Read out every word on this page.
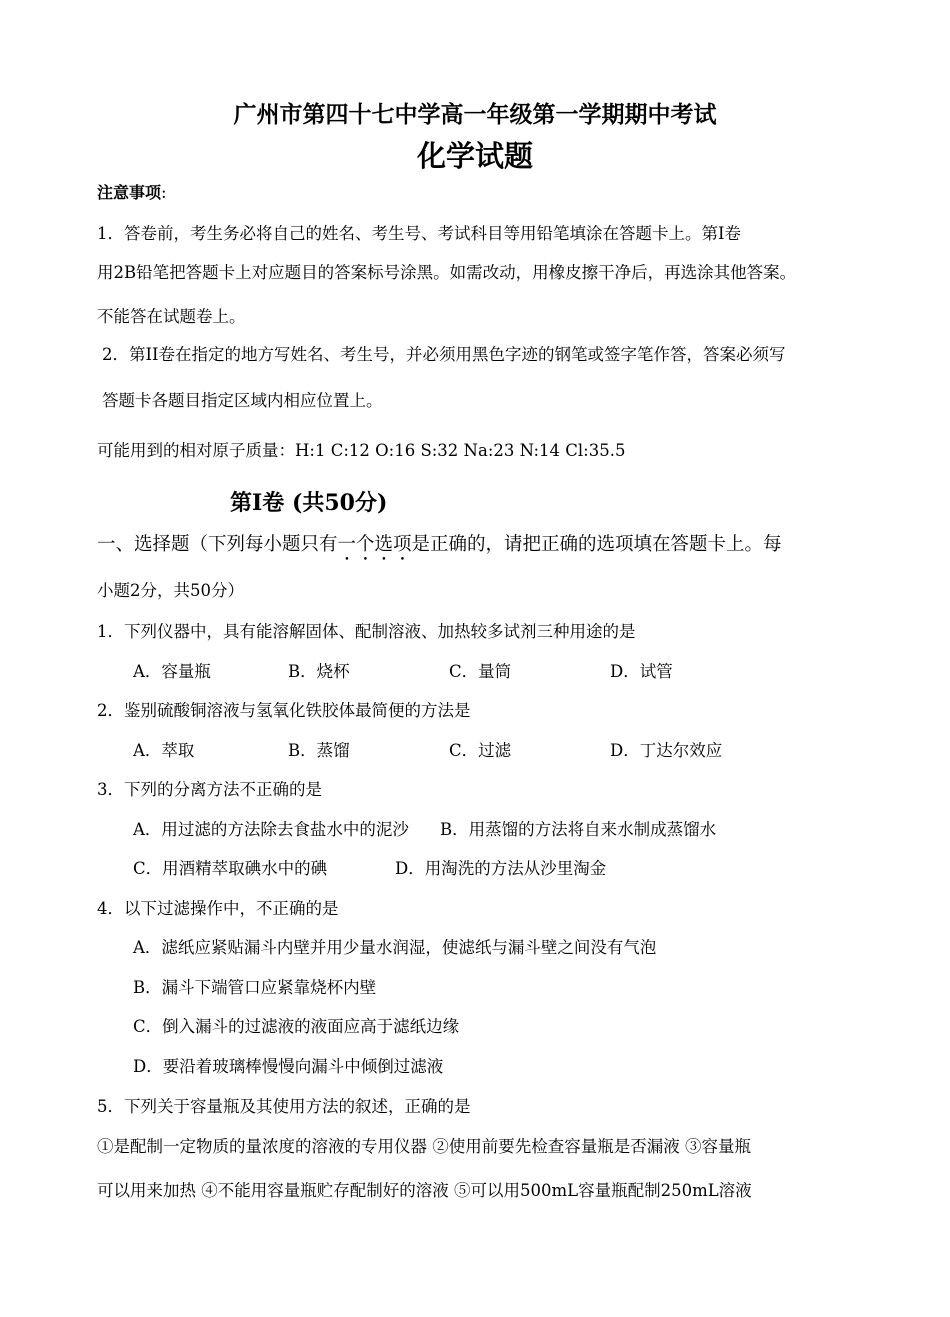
广州市第四十七中学高一年级第一学期期中考试
化学试题
注意事项:
1．答卷前，考生务必将自己的姓名、考生号、考试科目等用铅笔填涂在答题卡上。第Ⅰ卷
用2B铅笔把答题卡上对应题目的答案标号涂黑。如需改动，用橡皮擦干净后，再选涂其他答案。
不能答在试题卷上。
2．第II卷在指定的地方写姓名、考生号，并必须用黑色字迹的钢笔或签字笔作答，答案必须写
答题卡各题目指定区域内相应位置上。
可能用到的相对原子质量：H:1 C:12 O:16 S:32 Na:23 N:14 Cl:35.5
第Ⅰ卷 (共50分)
一、选择题（下列每小题只有一个选项是正确的，请把正确的选项填在答题卡上。每
小题2分，共50分）
1．下列仪器中，具有能溶解固体、配制溶液、加热较多试剂三种用途的是
A．容量瓶	B．烧杯	C．量筒	D．试管
2．鉴别硫酸铜溶液与氢氧化铁胶体最简便的方法是
A．萃取	B．蒸馏	C．过滤	D．丁达尔效应
3．下列的分离方法不正确的是
A．用过滤的方法除去食盐水中的泥沙 B．用蒸馏的方法将自来水制成蒸馏水
C．用酒精萃取碘水中的碘	D．用淘洗的方法从沙里淘金
4．以下过滤操作中，不正确的是
A．滤纸应紧贴漏斗内壁并用少量水润湿，使滤纸与漏斗壁之间没有气泡
B．漏斗下端管口应紧靠烧杯内壁
C．倒入漏斗的过滤液的液面应高于滤纸边缘
D．要沿着玻璃棒慢慢向漏斗中倾倒过滤液
5．下列关于容量瓶及其使用方法的叙述，正确的是
①是配制一定物质的量浓度的溶液的专用仪器 ②使用前要先检查容量瓶是否漏液 ③容量瓶
可以用来加热 ④不能用容量瓶贮存配制好的溶液 ⑤可以用500mL容量瓶配制250mL溶液
